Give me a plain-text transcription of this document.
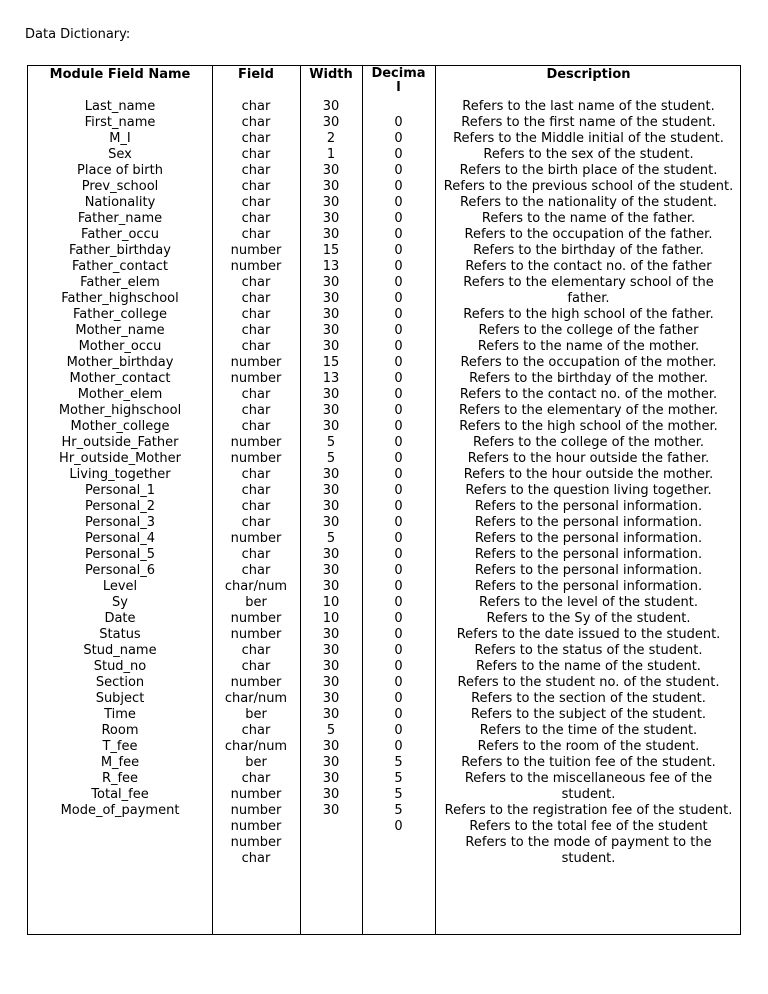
Data Dictionary:
Module Field Name
Last_name
First_name
M_I
Sex
Place of birth
Prev_school
Nationality
Father_name
Father_occu
Father_birthday
Father_contact
Father_elem
Father_highschool
Father_college
Mother_name
Mother_occu
Mother_birthday
Mother_contact
Mother_elem
Mother_highschool
Mother_college
Hr_outside_Father
Hr_outside_Mother
Living_together
Personal_1
Personal_2
Personal_3
Personal_4
Personal_5
Personal_6
Level
Sy
Date
Status
Stud_name
Stud_no
Section
Subject
Time
Room
T_fee
M_fee
R_fee
Total_fee
Mode_of_payment
Field
char
char
char
char
char
char
char
char
char
number
number
char
char
char
char
char
number
number
char
char
char
number
number
char
char
char
char
number
char
char
char/num
ber
number
number
char
char
number
char/num
ber
char
char/num
ber
char
number
number
number
number
char
Width
30
30
2
1
30
30
30
30
30
15
13
30
30
30
30
30
15
13
30
30
30
5
5
30
30
30
30
5
30
30
30
10
10
30
30
30
30
30
30
5
30
30
30
30
30
Decima
l

0
0
0
0
0
0
0
0
0
0
0
0
0
0
0
0
0
0
0
0
0
0
0
0
0
0
0
0
0
0
0
0
0
0
0
0
0
0
0
0
5
5
5
5
0
Description
Refers to the last name of the student.
Refers to the first name of the student.
Refers to the Middle initial of the student.
Refers to the sex of the student.
Refers to the birth place of the student.
Refers to the previous school of the student.
Refers to the nationality of the student.
Refers to the name of the father.
Refers to the occupation of the father.
Refers to the birthday of the father.
Refers to the contact no. of the father
Refers to the elementary school of the father.
Refers to the high school of the father.
Refers to the college of the father
Refers to the name of the mother.
Refers to the occupation of the mother.
Refers to the birthday of the mother.
Refers to the contact no. of the mother.
Refers to the elementary of the mother.
Refers to the high school of the mother.
Refers to the college of the mother.
Refers to the hour outside the father.
Refers to the hour outside the mother.
Refers to the question living together.
Refers to the personal information.
Refers to the personal information.
Refers to the personal information.
Refers to the personal information.
Refers to the personal information.
Refers to the personal information.
Refers to the level of the student.
Refers to the Sy of the student.
Refers to the date issued to the student.
Refers to the status of the student.
Refers to the name of the student.
Refers to the student no. of the student.
Refers to the section of the student.
Refers to the subject of the student.
Refers to the time of the student.
Refers to the room of the student.
Refers to the tuition fee of the student.
Refers to the miscellaneous fee of the student.
Refers to the registration fee of the student.
Refers to the total fee of the student
Refers to the mode of payment to the student.
